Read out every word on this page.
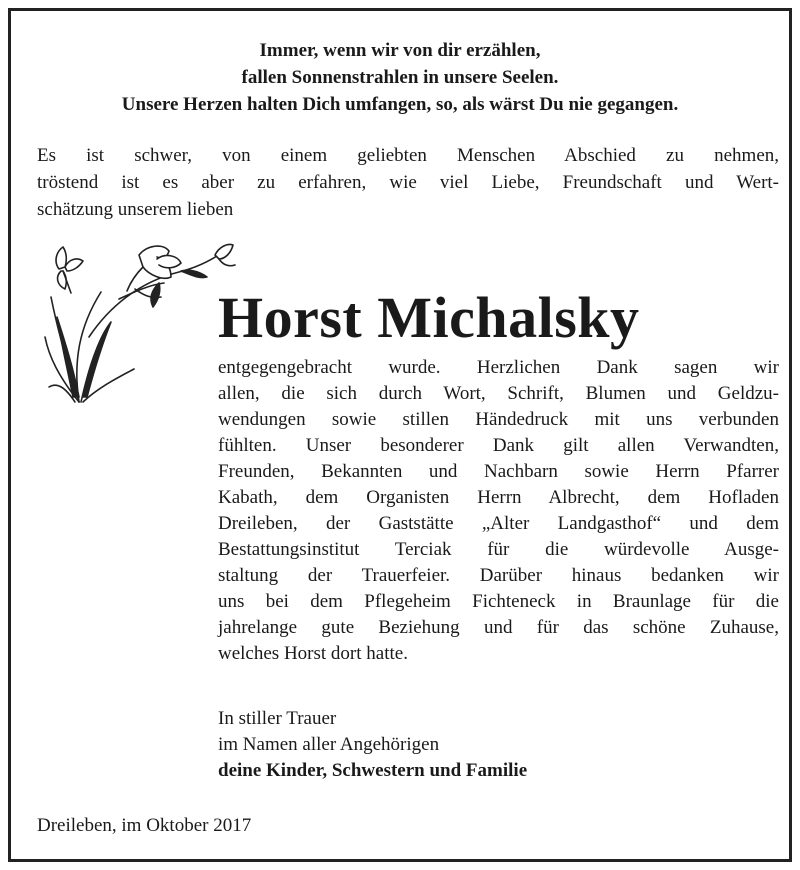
Immer, wenn wir von dir erzählen,
fallen Sonnenstrahlen in unsere Seelen.
Unsere Herzen halten Dich umfangen, so, als wärst Du nie gegangen.
Es ist schwer, von einem geliebten Menschen Abschied zu nehmen,
tröstend ist es aber zu erfahren, wie viel Liebe, Freundschaft und Wert-
schätzung unserem lieben
Horst Michalsky
entgegengebracht wurde. Herzlichen Dank sagen wir
allen, die sich durch Wort, Schrift, Blumen und Geldzu-
wendungen sowie stillen Händedruck mit uns verbunden
fühlten. Unser besonderer Dank gilt allen Verwandten,
Freunden, Bekannten und Nachbarn sowie Herrn Pfarrer
Kabath, dem Organisten Herrn Albrecht, dem Hofladen
Dreileben, der Gaststätte „Alter Landgasthof“ und dem
Bestattungsinstitut Terciak für die würdevolle Ausge-
staltung der Trauerfeier. Darüber hinaus bedanken wir
uns bei dem Pflegeheim Fichteneck in Braunlage für die
jahrelange gute Beziehung und für das schöne Zuhause,
welches Horst dort hatte.
In stiller Trauer
im Namen aller Angehörigen
deine Kinder, Schwestern und Familie
Dreileben, im Oktober 2017
